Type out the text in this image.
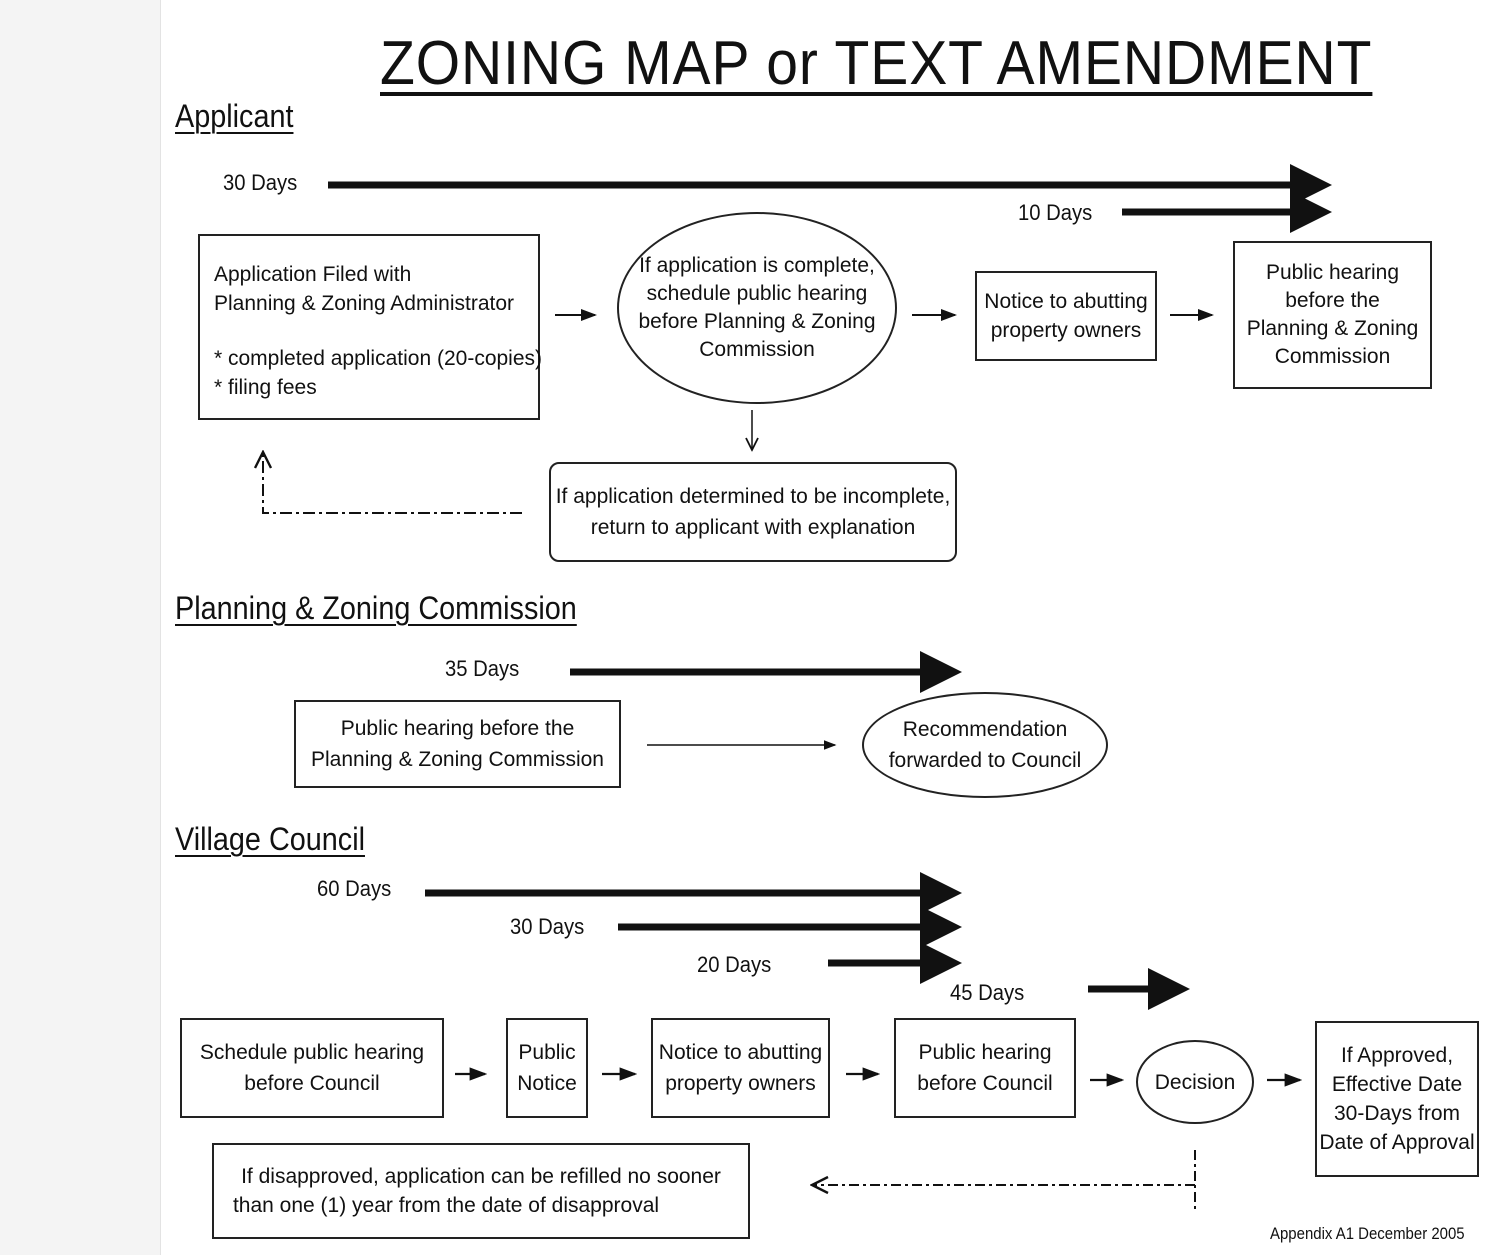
ZONING MAP or TEXT AMENDMENT
Applicant
Planning & Zoning Commission
Village Council
30 Days
10 Days
35 Days
60 Days
30 Days
20 Days
45 Days
Application Filed with
Planning & Zoning Administrator
* completed application (20-copies)
* filing fees
If application is complete,
schedule public hearing
before Planning & Zoning
Commission
Notice to abutting
property owners
Public hearing
before the
Planning & Zoning
Commission
If application determined to be incomplete,
return to applicant with explanation
Public hearing before the
Planning & Zoning Commission
Recommendation
forwarded to Council
Schedule public hearing
before Council
Public
Notice
Notice to abutting
property owners
Public hearing
before Council	Decision
If Approved,
Effective Date
30-Days from
Date of Approval
If disapproved, application can be refilled no sooner
than one (1) year from the date of disapproval
Appendix A1 December 2005
